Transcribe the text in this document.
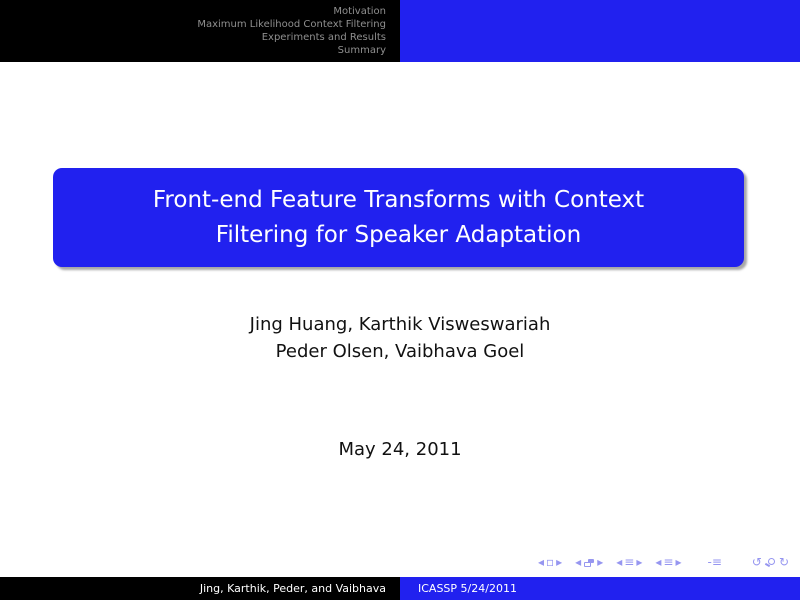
Motivation
Maximum Likelihood Context Filtering
Experiments and Results
Summary
Front-end Feature Transforms with Context
Filtering for Speaker Adaptation
Jing Huang, Karthik Visweswariah
Peder Olsen, Vaibhava Goel
May 24, 2011
◂ ▫ ▸ ◂ ▸ ◂ ≡ ▸ ◂ ≡ ▸ -≡	↺ ↻
Jing, Karthik, Peder, and Vaibhava	ICASSP 5/24/2011
